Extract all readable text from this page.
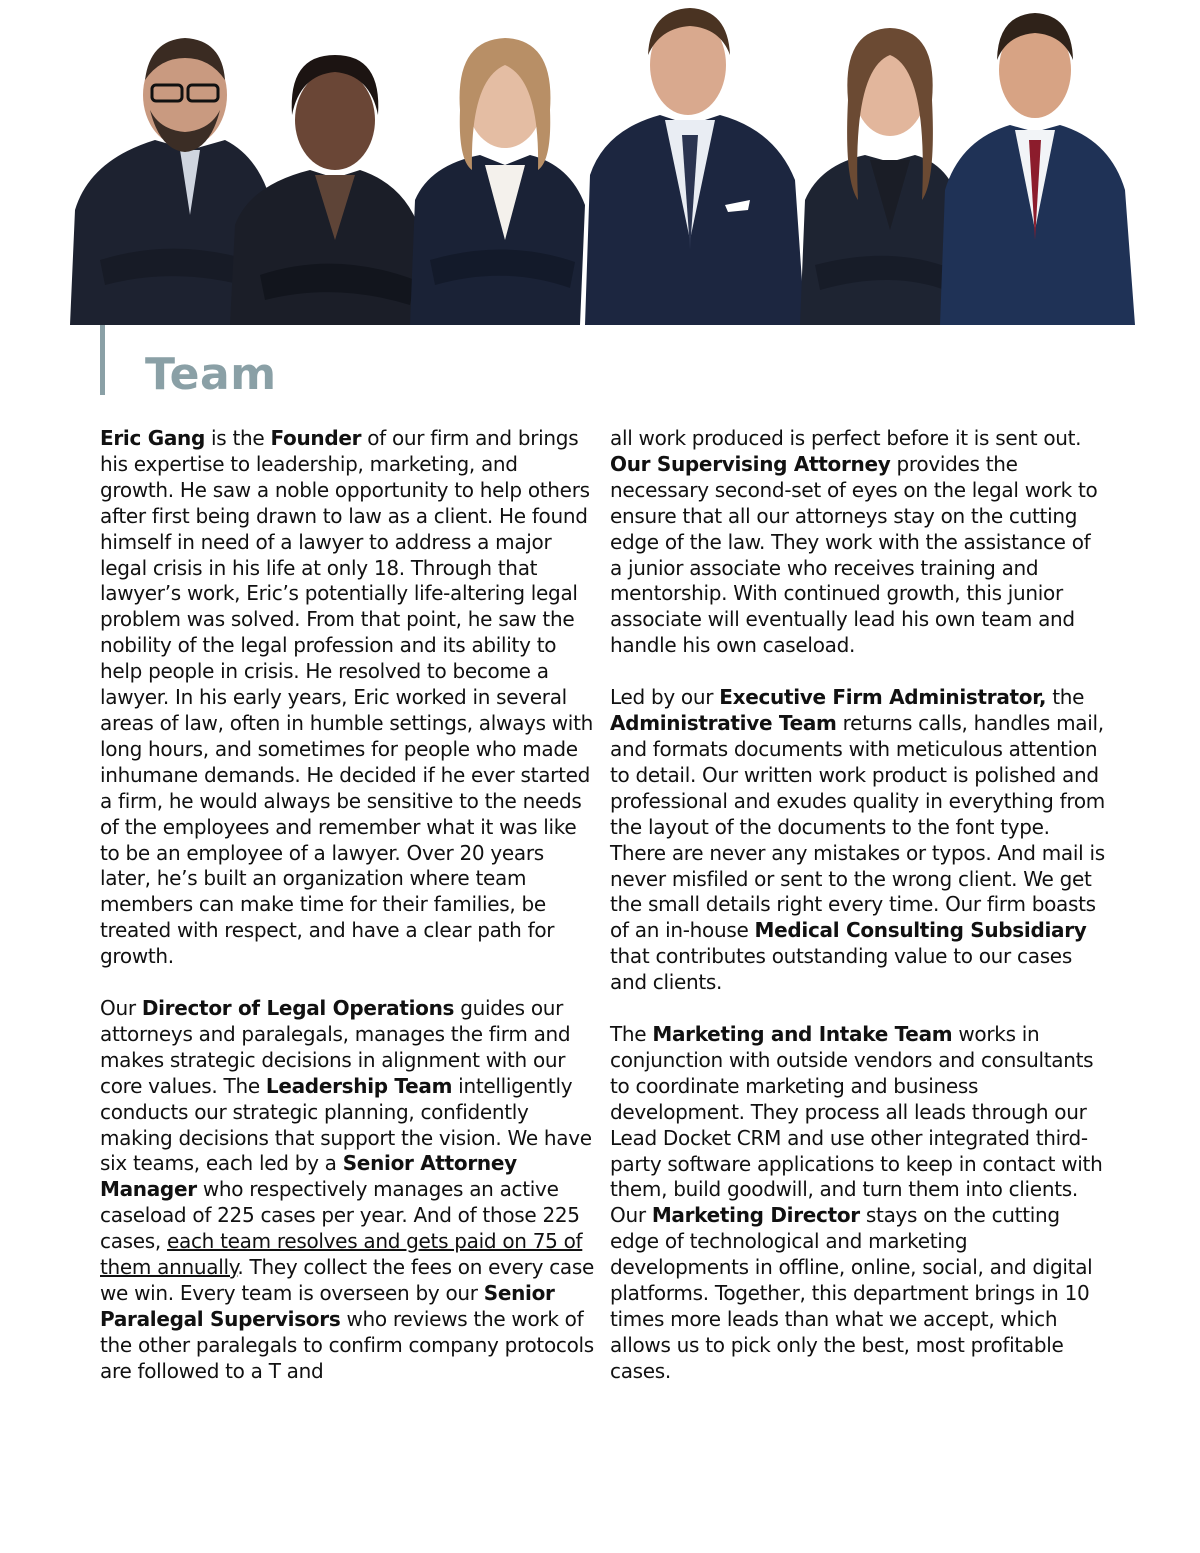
Team

Eric Gang is the Founder of our firm and brings his expertise to leadership, marketing, and growth. He saw a noble opportunity to help others after first being drawn to law as a client. He found himself in need of a lawyer to address a major legal crisis in his life at only 18. Through that lawyer’s work, Eric’s potentially life-altering legal problem was solved. From that point, he saw the nobility of the legal profession and its ability to help people in crisis. He resolved to become a lawyer. In his early years, Eric worked in several areas of law, often in humble settings, always with long hours, and sometimes for people who made inhumane demands. He decided if he ever started a firm, he would always be sensitive to the needs of the employees and remember what it was like to be an employee of a lawyer. Over 20 years later, he’s built an organization where team members can make time for their families, be treated with respect, and have a clear path for growth.

Our Director of Legal Operations guides our attorneys and paralegals, manages the firm and makes strategic decisions in alignment with our core values. The Leadership Team intelligently conducts our strategic planning, confidently making decisions that support the vision. We have six teams, each led by a Senior Attorney Manager who respectively manages an active caseload of 225 cases per year. And of those 225 cases, each team resolves and gets paid on 75 of them annually. They collect the fees on every case we win. Every team is overseen by our Senior Paralegal Supervisors who reviews the work of the other paralegals to confirm company protocols are followed to a T and

all work produced is perfect before it is sent out. Our Supervising Attorney provides the necessary second-set of eyes on the legal work to ensure that all our attorneys stay on the cutting edge of the law. They work with the assistance of a junior associate who receives training and mentorship. With continued growth, this junior associate will eventually lead his own team and handle his own caseload.

Led by our Executive Firm Administrator, the Administrative Team returns calls, handles mail, and formats documents with meticulous attention to detail. Our written work product is polished and professional and exudes quality in everything from the layout of the documents to the font type. There are never any mistakes or typos. And mail is never misfiled or sent to the wrong client. We get the small details right every time. Our firm boasts of an in-house Medical Consulting Subsidiary that contributes outstanding value to our cases and clients.

The Marketing and Intake Team works in conjunction with outside vendors and consultants to coordinate marketing and business development. They process all leads through our Lead Docket CRM and use other integrated third-party software applications to keep in contact with them, build goodwill, and turn them into clients. Our Marketing Director stays on the cutting edge of technological and marketing developments in offline, online, social, and digital platforms. Together, this department brings in 10 times more leads than what we accept, which allows us to pick only the best, most profitable cases.
